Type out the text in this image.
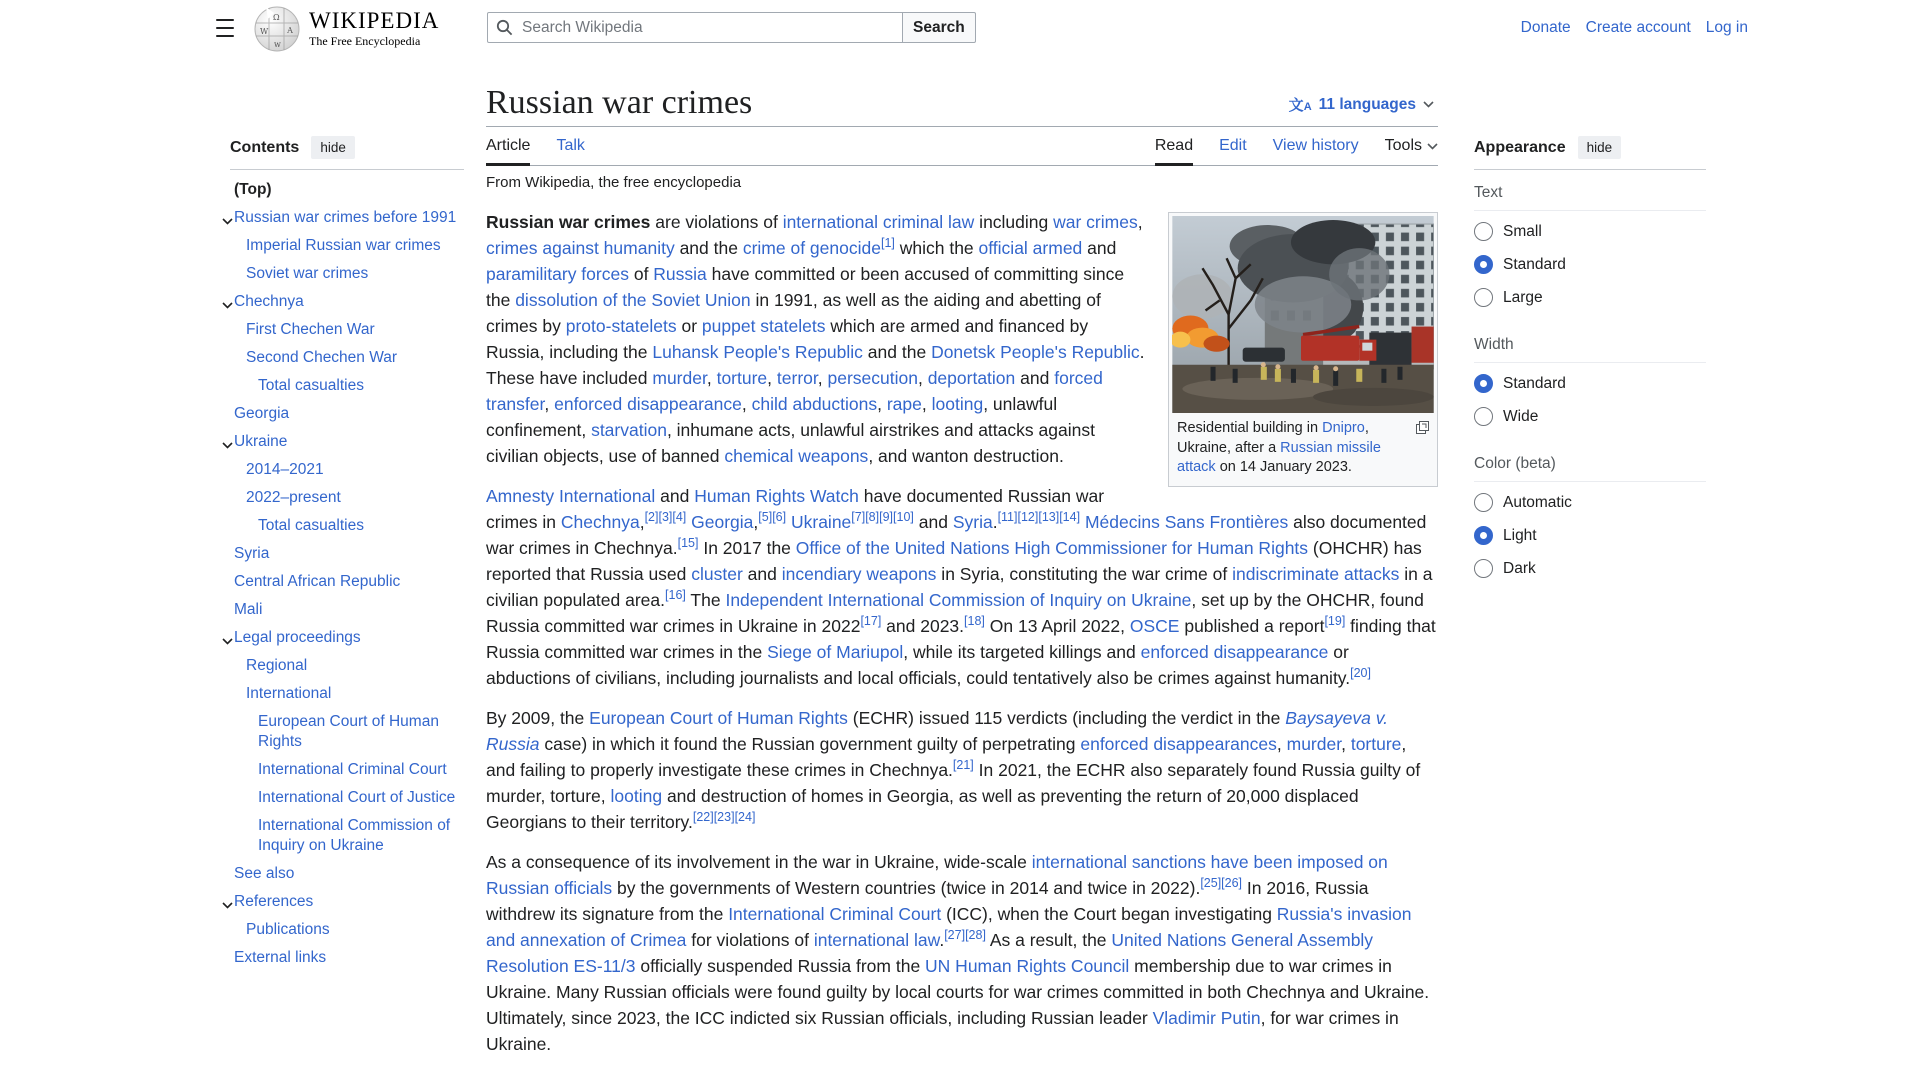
Ω
W А
w
WIKIPEDIA
The Free Encyclopedia
Search Wikipedia
Search	Donate Create account Log in
Contents	hide
(Top)
Russian war crimes before 1991
Imperial Russian war crimes
Soviet war crimes
Chechnya
First Chechen War
Second Chechen War
Total casualties
Georgia
Ukraine
2014–2021
2022–present
Total casualties
Syria
Central African Republic
Mali
Legal proceedings
Regional
International
European Court of Human Rights
International Criminal Court
International Court of Justice
International Commission of Inquiry on Ukraine
See also
References
Publications
External links
Russian war crimes	文A 11 languages
Article Talk	Read Edit View history Tools
From Wikipedia, the free encyclopedia
Residential building in Dnipro, Ukraine, after a Russian missile attack on 14 January 2023.

Russian war crimes are violations of international criminal law including war crimes, crimes against humanity and the crime of genocide[1] which the official armed and paramilitary forces of Russia have committed or been accused of committing since the dissolution of the Soviet Union in 1991, as well as the aiding and abetting of crimes by proto-statelets or puppet statelets which are armed and financed by Russia, including the Luhansk People's Republic and the Donetsk People's Republic. These have included murder, torture, terror, persecution, deportation and forced transfer, enforced disappearance, child abductions, rape, looting, unlawful confinement, starvation, inhumane acts, unlawful airstrikes and attacks against civilian objects, use of banned chemical weapons, and wanton destruction.

Amnesty International and Human Rights Watch have documented Russian war crimes in Chechnya,[2][3][4] Georgia,[5][6] Ukraine[7][8][9][10] and Syria.[11][12][13][14] Médecins Sans Frontières also documented war crimes in Chechnya.[15] In 2017 the Office of the United Nations High Commissioner for Human Rights (OHCHR) has reported that Russia used cluster and incendiary weapons in Syria, constituting the war crime of indiscriminate attacks in a civilian populated area.[16] The Independent International Commission of Inquiry on Ukraine, set up by the OHCHR, found Russia committed war crimes in Ukraine in 2022[17] and 2023.[18] On 13 April 2022, OSCE published a report[19] finding that Russia committed war crimes in the Siege of Mariupol, while its targeted killings and enforced disappearance or abductions of civilians, including journalists and local officials, could tentatively also be crimes against humanity.[20]

By 2009, the European Court of Human Rights (ECHR) issued 115 verdicts (including the verdict in the Baysayeva v. Russia case) in which it found the Russian government guilty of perpetrating enforced disappearances, murder, torture, and failing to properly investigate these crimes in Chechnya.[21] In 2021, the ECHR also separately found Russia guilty of murder, torture, looting and destruction of homes in Georgia, as well as preventing the return of 20,000 displaced Georgians to their territory.[22][23][24]

As a consequence of its involvement in the war in Ukraine, wide-scale international sanctions have been imposed on Russian officials by the governments of Western countries (twice in 2014 and twice in 2022).[25][26] In 2016, Russia withdrew its signature from the International Criminal Court (ICC), when the Court began investigating Russia's invasion and annexation of Crimea for violations of international law.[27][28] As a result, the United Nations General Assembly Resolution ES-11/3 officially suspended Russia from the UN Human Rights Council membership due to war crimes in Ukraine. Many Russian officials were found guilty by local courts for war crimes committed in both Chechnya and Ukraine. Ultimately, since 2023, the ICC indicted six Russian officials, including Russian leader Vladimir Putin, for war crimes in Ukraine.

Appearance	hide
Text
Small
Standard
Large
Width
Standard
Wide
Color (beta)
Automatic
Light
Dark
